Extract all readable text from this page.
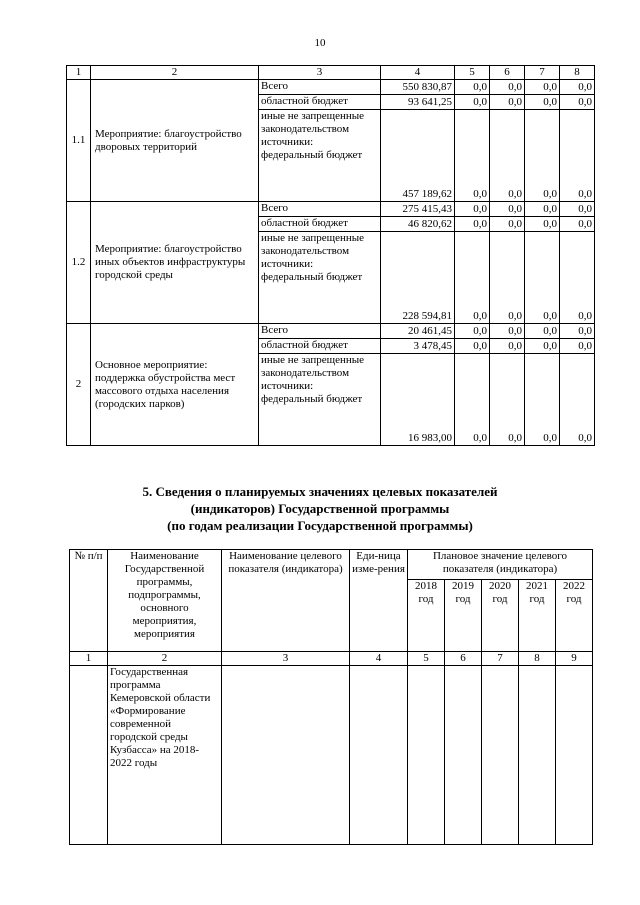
10
1	2	3	4	5	6	7	8
1.1	Мероприятие: благоустройство дворовых территорий	Всего	550 830,87	0,0	0,0	0,0	0,0
		областной бюджет	93 641,25	0,0	0,0	0,0	0,0
		иные не запрещенные законодательством источники: федеральный бюджет	457 189,62	0,0	0,0	0,0	0,0
1.2	Мероприятие: благоустройство иных объектов инфраструктуры городской среды	Всего	275 415,43	0,0	0,0	0,0	0,0
		областной бюджет	46 820,62	0,0	0,0	0,0	0,0
		иные не запрещенные законодательством источники: федеральный бюджет	228 594,81	0,0	0,0	0,0	0,0
2	Основное мероприятие: поддержка обустройства мест массового отдыха населения (городских парков)	Всего	20 461,45	0,0	0,0	0,0	0,0
		областной бюджет	3 478,45	0,0	0,0	0,0	0,0
		иные не запрещенные законодательством источники: федеральный бюджет	16 983,00	0,0	0,0	0,0	0,0
5. Сведения о планируемых значениях целевых показателей
(индикаторов) Государственной программы
(по годам реализации Государственной программы)
№ п/п	Наименование Государственной программы, подпрограммы, основного мероприятия, мероприятия	Наименование целевого показателя (индикатора)	Еди-ница изме-рения	Плановое значение целевого показателя (индикатора)				
				2018 год	2019 год	2020 год	2021 год	2022 год
1	2	3	4	5	6	7	8	9
	Государственная программа Кемеровской области «Формирование современной городской среды Кузбасса» на 2018-2022 годы							
